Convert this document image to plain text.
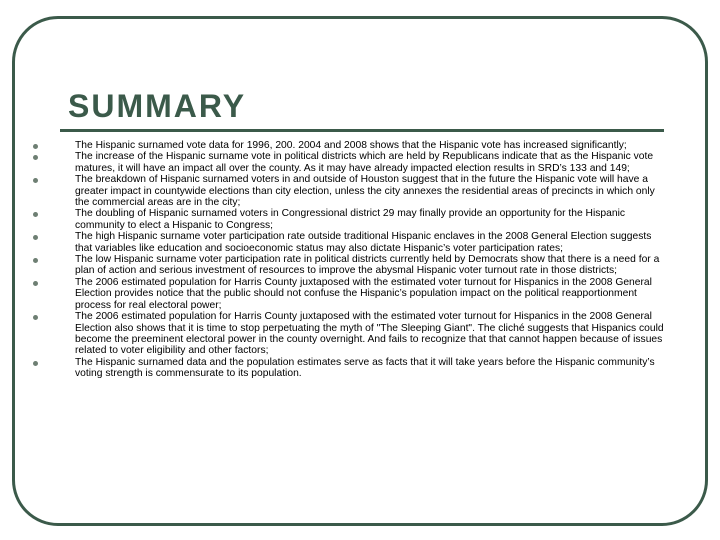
SUMMARY
The Hispanic surnamed vote data for 1996, 200. 2004 and 2008 shows that the Hispanic vote has increased significantly;
The increase of the Hispanic surname vote in political districts which are held by Republicans indicate that as the Hispanic vote matures, it will have an impact all over the county. As it may have already impacted election results in SRD’s 133 and 149;
The breakdown of Hispanic surnamed voters in and outside of Houston suggest that in the future the Hispanic vote will have a greater impact in countywide elections than city election, unless the city annexes the residential areas of precincts in which only the commercial areas are in the city;
The doubling of Hispanic surnamed voters in Congressional district 29 may finally provide an opportunity for the Hispanic community to elect a Hispanic to Congress;
The high Hispanic surname voter participation rate outside traditional Hispanic enclaves in the 2008 General Election suggests that variables like education and socioeconomic status may also dictate Hispanic’s voter participation rates;
The low Hispanic surname voter participation rate in political districts currently held by Democrats show that there is a need for a plan of action and serious investment of resources to improve the abysmal Hispanic voter turnout rate in those districts;
The 2006 estimated population for Harris County juxtaposed with the estimated voter turnout for Hispanics in the 2008 General Election provides notice that the public should not confuse the Hispanic’s population impact on the political reapportionment process for real electoral power;
The 2006 estimated population for Harris County juxtaposed with the estimated voter turnout for Hispanics in the 2008 General Election also shows that it is time to stop perpetuating the myth of "The Sleeping Giant". The cliché suggests that Hispanics could become the preeminent electoral power in the county overnight. And fails to recognize that that cannot happen because of issues related to voter eligibility and other factors;
The Hispanic surnamed data and the population estimates serve as facts that it will take years before the Hispanic community’s voting strength is commensurate to its population.
